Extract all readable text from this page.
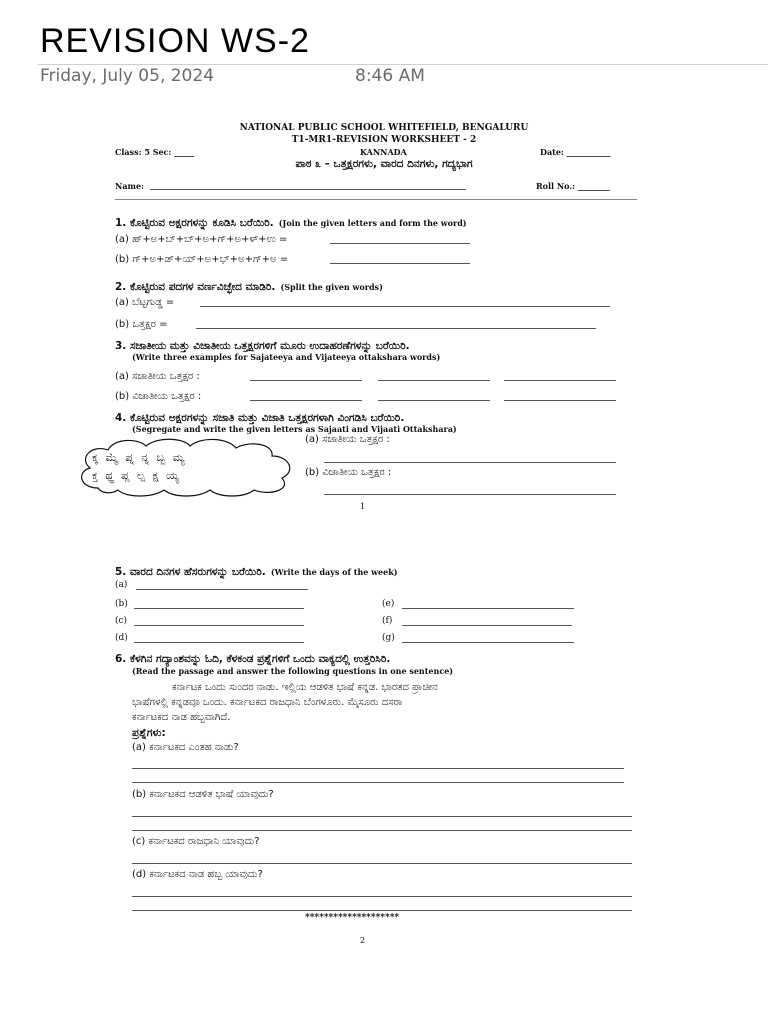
REVISION WS-2
Friday, July 05, 2024	8:46 AM
NATIONAL PUBLIC SCHOOL WHITEFIELD, BENGALURU
T1-MR1-REVISION WORKSHEET - 2
Class: 5 Sec: _____	KANNADA	Date: ___________
ಪಾಠ ೩ – ಒತ್ತಕ್ಷರಗಳು, ವಾರದ ದಿನಗಳು, ಗದ್ಯಭಾಗ
Name:	Roll No.: ________
1. ಕೊಟ್ಟಿರುವ ಅಕ್ಷರಗಳನ್ನು ಕೂಡಿಸಿ ಬರೆಯಿರಿ. (Join the given letters and form the word)
(a) ಹ್+ಅ+ಬ್+ಬ್+ಅ+ಗ್+ಅ+ಳ್+ಉ =
(b) ಗ್+ಅ+ಡ್+ಯ್+ಅ+ಭ್+ಅ+ಗ್+ಅ =
2. ಕೊಟ್ಟಿರುವ ಪದಗಳ ವರ್ಣವಿಚ್ಛೇದ ಮಾಡಿರಿ. (Split the given words)
(a) ಬೆಟ್ಟಗುಡ್ಡ =
(b) ಒತ್ತಕ್ಷರ =
3. ಸಜಾತೀಯ ಮತ್ತು ವಿಜಾತೀಯ ಒತ್ತಕ್ಷರಗಳಿಗೆ ಮೂರು ಉದಾಹರಣೆಗಳನ್ನು ಬರೆಯಿರಿ.
(Write three examples for Sajateeya and Vijateeya ottakshara words)
(a) ಸಜಾತೀಯ ಒತ್ತಕ್ಷರ :
(b) ವಿಜಾತೀಯ ಒತ್ತಕ್ಷರ :
4. ಕೊಟ್ಟಿರುವ ಅಕ್ಷರಗಳನ್ನು ಸಜಾತಿ ಮತ್ತು ವಿಜಾತಿ ಒತ್ತಕ್ಷರಗಳಾಗಿ ವಿಂಗಡಿಸಿ ಬರೆಯಿರಿ.
(Segregate and write the given letters as Sajaati and Vijaati Ottakshara)
(a) ಸಜಾತೀಯ ಒತ್ತಕ್ಷರ :
(b) ವಿಜಾತೀಯ ಒತ್ತಕ್ಷರ :
ಕ್ಕ ಮ್ಮೆ ಪ್ನ ನ್ನ ಬ್ಬ ಮ್ಯ
ಕ್ತ ಥ್ಥ ಪ್ಲ ಲ್ಪ ಕ್ಷ ಯ್ಯ
1
5. ವಾರದ ದಿನಗಳ ಹೆಸರುಗಳನ್ನು ಬರೆಯಿರಿ. (Write the days of the week)
(a)
(b)
(c)
(d)
(e)
(f)
(g)
6. ಕೆಳಗಿನ ಗದ್ಯಾಂಶವನ್ನು ಓದಿ, ಕೆಳಕಂಡ ಪ್ರಶ್ನೆಗಳಿಗೆ ಒಂದು ವಾಕ್ಯದಲ್ಲಿ ಉತ್ತರಿಸಿರಿ.
(Read the passage and answer the following questions in one sentence)
ಕರ್ನಾಟಕ ಒಂದು ಸುಂದರ ನಾಡು. ಇಲ್ಲಿಯ ಆಡಳಿತ ಭಾಷೆ ಕನ್ನಡ. ಭಾರತದ ಪ್ರಾಚೀನ
ಭಾಷೆಗಳಲ್ಲಿ ಕನ್ನಡವೂ ಒಂದು. ಕರ್ನಾಟಕದ ರಾಜಧಾನಿ ಬೆಂಗಳೂರು. ಮೈಸೂರು ದಸರಾ
ಕರ್ನಾಟಕದ ನಾಡ ಹಬ್ಬವಾಗಿದೆ.
ಪ್ರಶ್ನೆಗಳು:
(a) ಕರ್ನಾಟಕದ ಎಂತಹ ನಾಡು?
(b) ಕರ್ನಾಟಕದ ಆಡಳಿತ ಭಾಷೆ ಯಾವುದು?
(c) ಕರ್ನಾಟಕದ ರಾಜಧಾನಿ ಯಾವುದು?
(d) ಕರ್ನಾಟಕದ ನಾಡ ಹಬ್ಬ ಯಾವುದು?
********************
2
